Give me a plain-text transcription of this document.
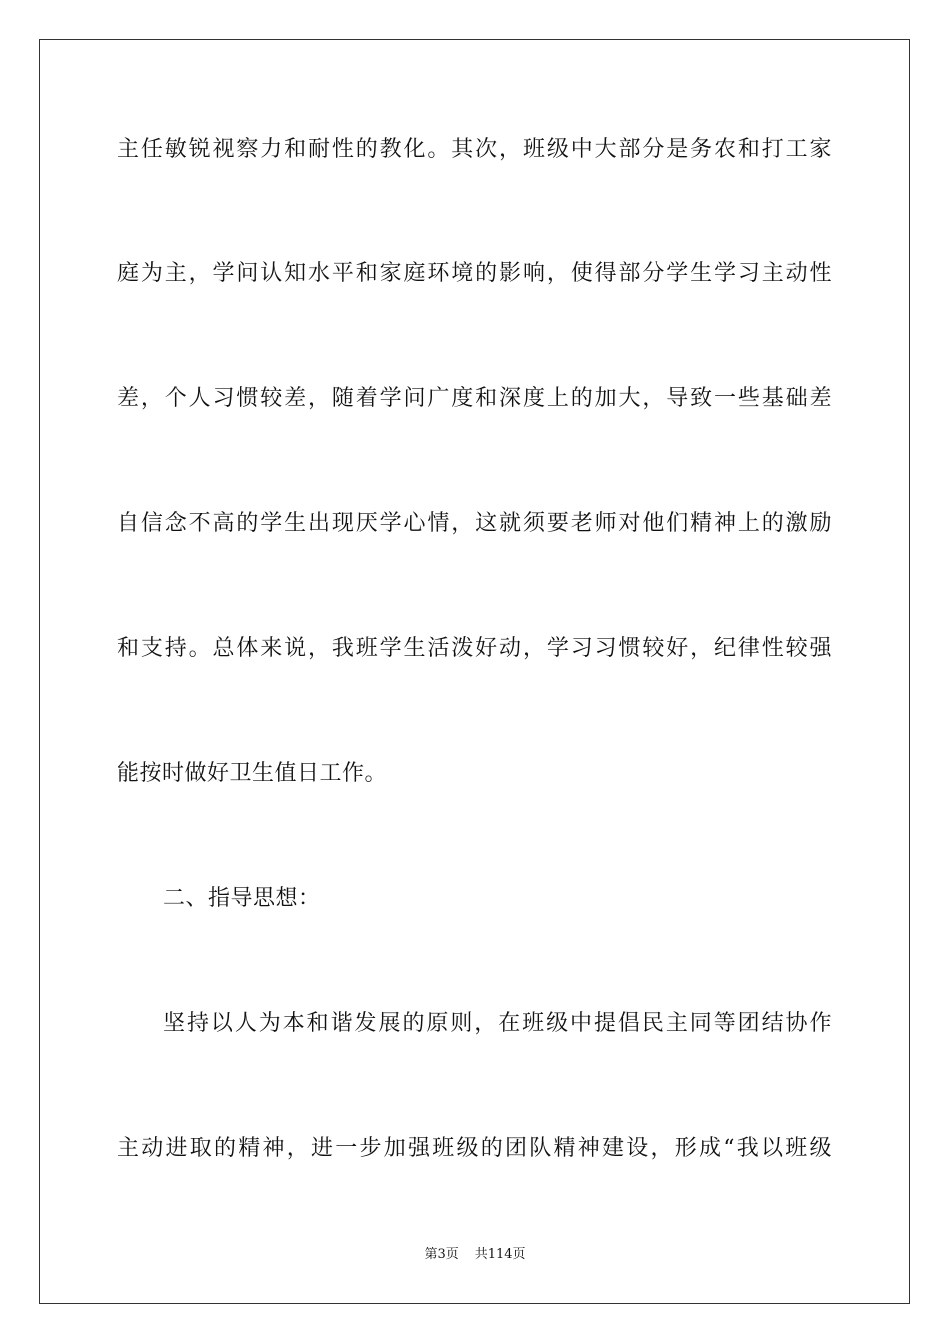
主任敏锐视察力和耐性的教化。其次，班级中大部分是务农和打工家
庭为主，学问认知水平和家庭环境的影响，使得部分学生学习主动性
差，个人习惯较差，随着学问广度和深度上的加大，导致一些基础差
自信念不高的学生出现厌学心情，这就须要老师对他们精神上的激励
和支持。总体来说，我班学生活泼好动，学习习惯较好，纪律性较强
能按时做好卫生值日工作。
二、指导思想：
坚持以人为本和谐发展的原则，在班级中提倡民主同等团结协作
主动进取的精神，进一步加强班级的团队精神建设，形成“我以班级
第3页 共114页
